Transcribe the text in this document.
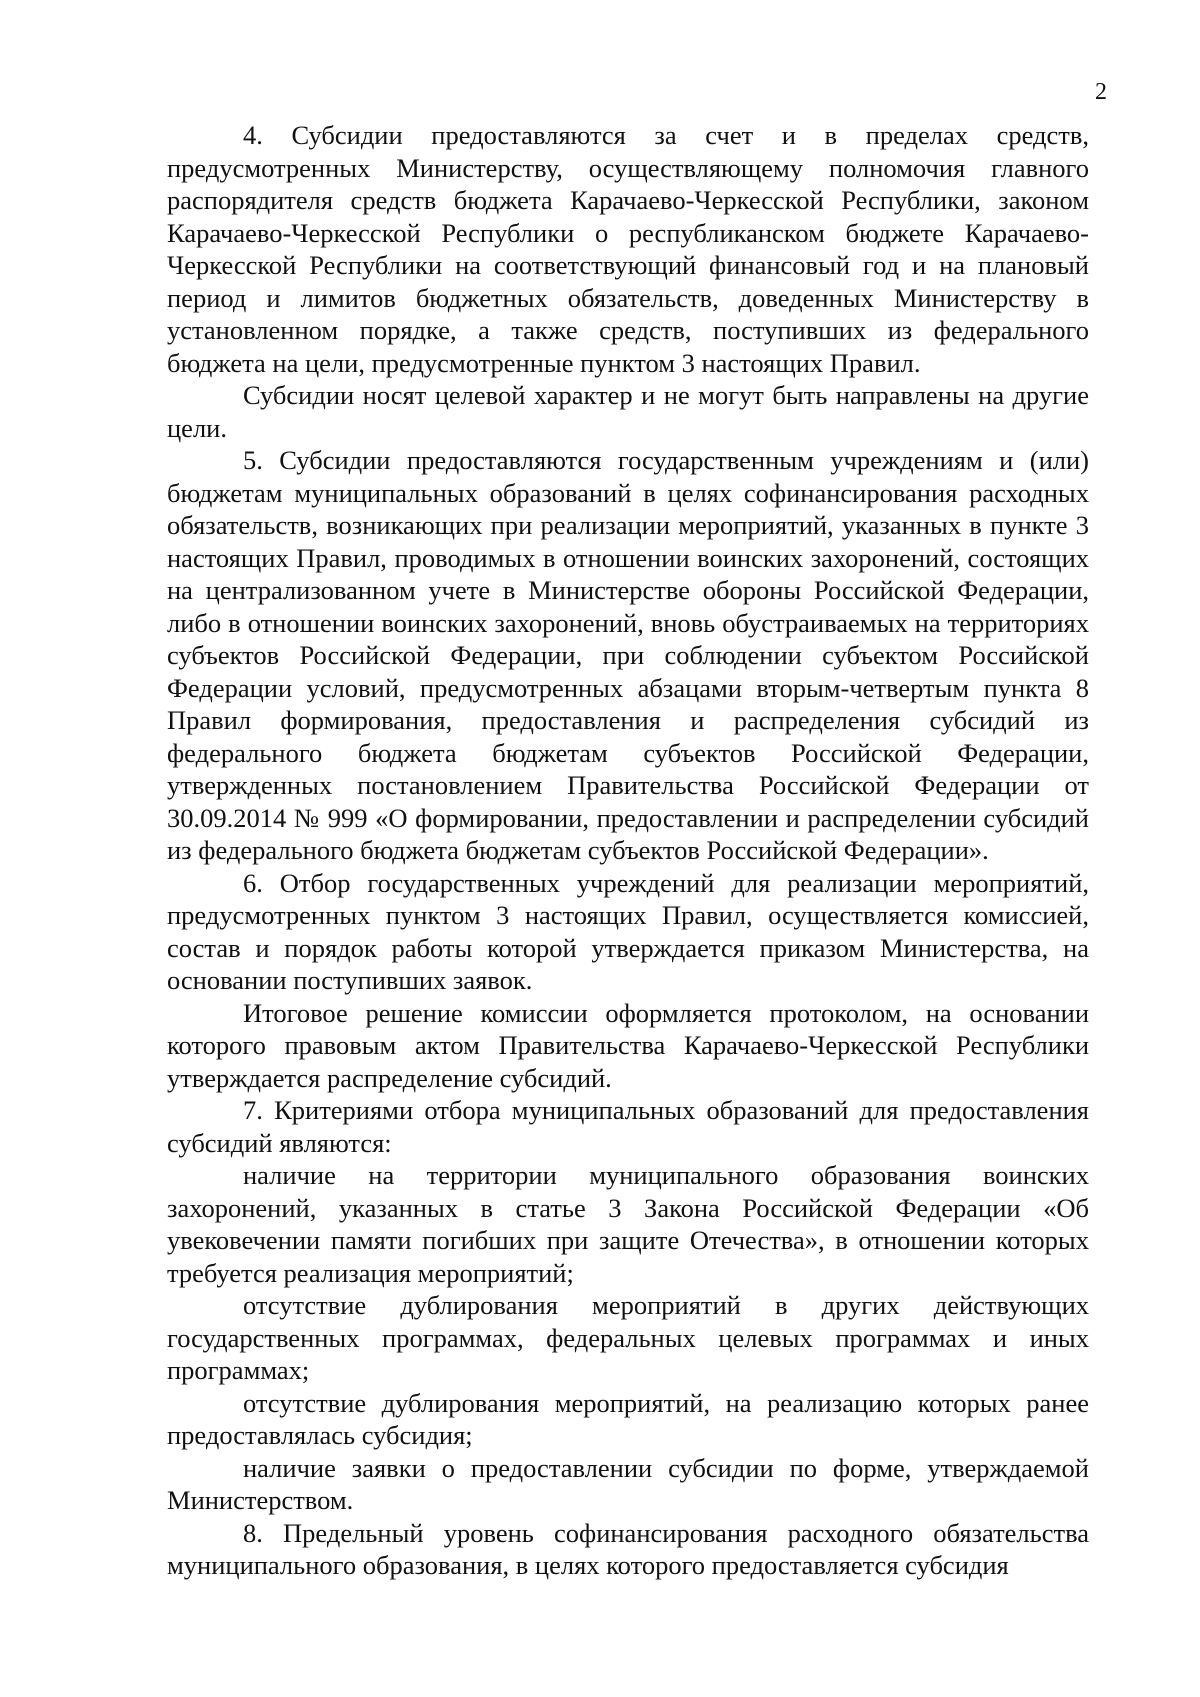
2

4. Субсидии предоставляются за счет и в пределах средств, предусмотренных Министерству, осуществляющему полномочия главного распорядителя средств бюджета Карачаево-Черкесской Республики, законом Карачаево-Черкесской Республики о республиканском бюджете Карачаево-Черкесской Республики на соответствующий финансовый год и на плановый период и лимитов бюджетных обязательств, доведенных Министерству в установленном порядке, а также средств, поступивших из федерального бюджета на цели, предусмотренные пунктом 3 настоящих Правил.

Субсидии носят целевой характер и не могут быть направлены на другие цели.

5. Субсидии предоставляются государственным учреждениям и (или) бюджетам муниципальных образований в целях софинансирования расходных обязательств, возникающих при реализации мероприятий, указанных в пункте 3 настоящих Правил, проводимых в отношении воинских захоронений, состоящих на централизованном учете в Министерстве обороны Российской Федерации, либо в отношении воинских захоронений, вновь обустраиваемых на территориях субъектов Российской Федерации, при соблюдении субъектом Российской Федерации условий, предусмотренных абзацами вторым-четвертым пункта 8 Правил формирования, предоставления и распределения субсидий из федерального бюджета бюджетам субъектов Российской Федерации, утвержденных постановлением Правительства Российской Федерации от 30.09.2014 № 999 «О формировании, предоставлении и распределении субсидий из федерального бюджета бюджетам субъектов Российской Федерации».

6. Отбор государственных учреждений для реализации мероприятий, предусмотренных пунктом 3 настоящих Правил, осуществляется комиссией, состав и порядок работы которой утверждается приказом Министерства, на основании поступивших заявок.

Итоговое решение комиссии оформляется протоколом, на основании которого правовым актом Правительства Карачаево-Черкесской Республики утверждается распределение субсидий.

7. Критериями отбора муниципальных образований для предоставления субсидий являются:

наличие на территории муниципального образования воинских захоронений, указанных в статье 3 Закона Российской Федерации «Об увековечении памяти погибших при защите Отечества», в отношении которых требуется реализация мероприятий;

отсутствие дублирования мероприятий в других действующих государственных программах, федеральных целевых программах и иных программах;

отсутствие дублирования мероприятий, на реализацию которых ранее предоставлялась субсидия;

наличие заявки о предоставлении субсидии по форме, утверждаемой Министерством.

8. Предельный уровень софинансирования расходного обязательства муниципального образования, в целях которого предоставляется субсидия
